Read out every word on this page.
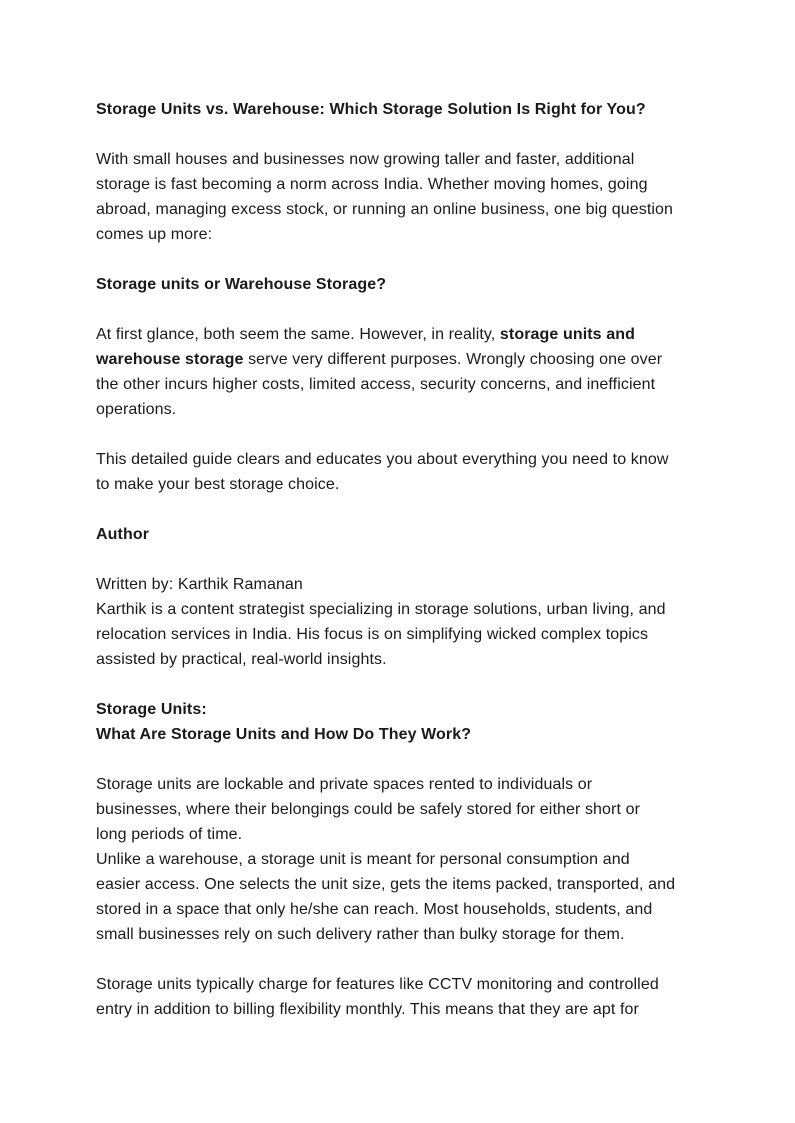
Storage Units vs. Warehouse: Which Storage Solution Is Right for You?
With small houses and businesses now growing taller and faster, additional
storage is fast becoming a norm across India. Whether moving homes, going
abroad, managing excess stock, or running an online business, one big question
comes up more:
Storage units or Warehouse Storage?
At first glance, both seem the same. However, in reality, storage units and
warehouse storage serve very different purposes. Wrongly choosing one over
the other incurs higher costs, limited access, security concerns, and inefficient
operations.
This detailed guide clears and educates you about everything you need to know
to make your best storage choice.
Author
Written by: Karthik Ramanan
Karthik is a content strategist specializing in storage solutions, urban living, and
relocation services in India. His focus is on simplifying wicked complex topics
assisted by practical, real-world insights.
Storage Units:
What Are Storage Units and How Do They Work?
Storage units are lockable and private spaces rented to individuals or
businesses, where their belongings could be safely stored for either short or
long periods of time.
Unlike a warehouse, a storage unit is meant for personal consumption and
easier access. One selects the unit size, gets the items packed, transported, and
stored in a space that only he/she can reach. Most households, students, and
small businesses rely on such delivery rather than bulky storage for them.
Storage units typically charge for features like CCTV monitoring and controlled
entry in addition to billing flexibility monthly. This means that they are apt for
